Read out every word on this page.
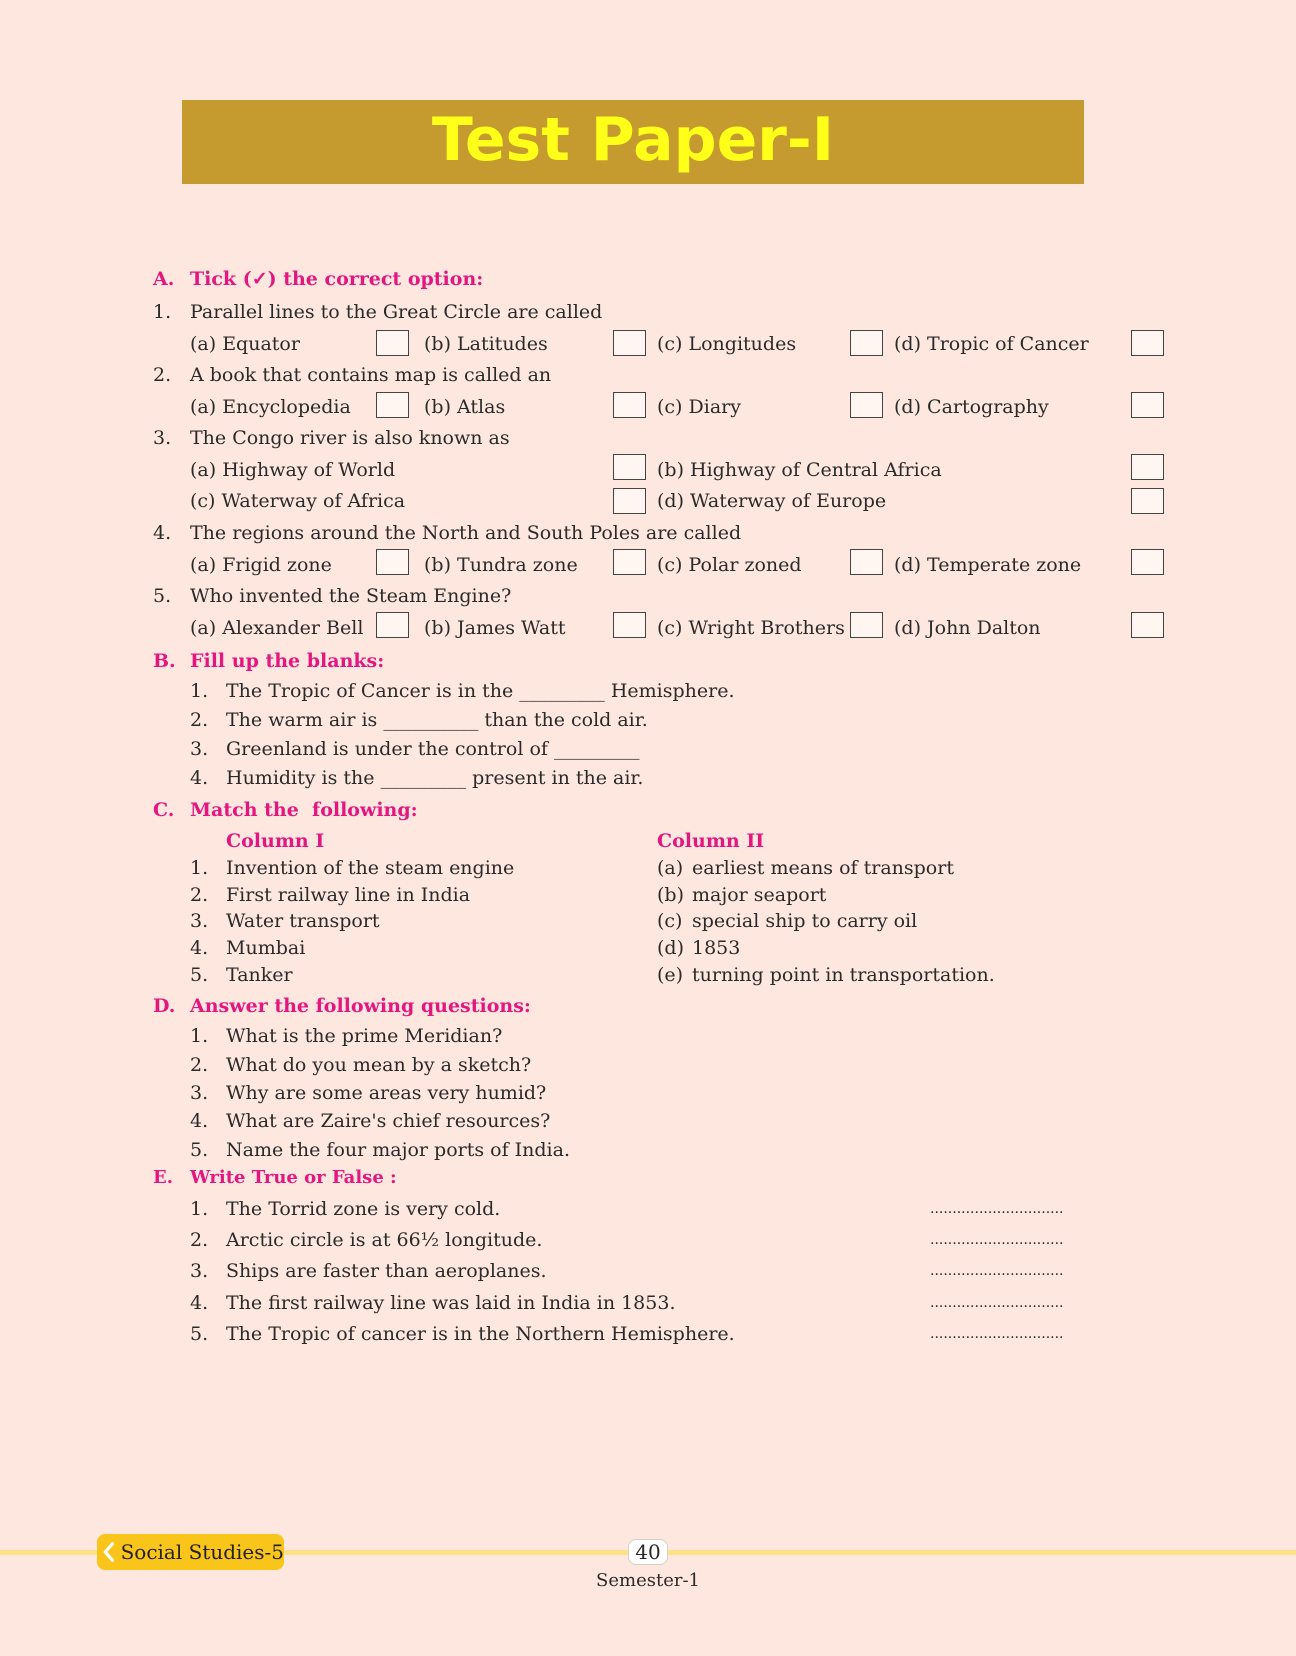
Test Paper-I
A. Tick (✓) the correct option:
1. Parallel lines to the Great Circle are called
(a) Equator	(b) Latitudes	(c) Longitudes	(d) Tropic of Cancer
2. A book that contains map is called an
(a) Encyclopedia	(b) Atlas	(c) Diary	(d) Cartography
3. The Congo river is also known as
(a) Highway of World	(b) Highway of Central Africa
(c) Waterway of Africa	(d) Waterway of Europe
4. The regions around the North and South Poles are called
(a) Frigid zone	(b) Tundra zone	(c) Polar zoned	(d) Temperate zone
5. Who invented the Steam Engine?
(a) Alexander Bell	(b) James Watt	(c) Wright Brothers	(d) John Dalton
B. Fill up the blanks:
1. The Tropic of Cancer is in the _________ Hemisphere.
2. The warm air is __________ than the cold air.
3. Greenland is under the control of _________
4. Humidity is the _________ present in the air.
C. Match the  following:
Column I	Column II
1. Invention of the steam engine	(a) earliest means of transport
2. First railway line in India	(b) major seaport
3. Water transport	(c) special ship to carry oil
4. Mumbai	(d) 1853
5. Tanker	(e) turning point in transportation.
D. Answer the following questions:
1. What is the prime Meridian?
2. What do you mean by a sketch?
3. Why are some areas very humid?
4. What are Zaire's chief resources?
5. Name the four major ports of India.
E. Write True or False :
1. The Torrid zone is very cold.	..............................
2. Arctic circle is at 66½ longitude.	..............................
3. Ships are faster than aeroplanes.	..............................
4. The first railway line was laid in India in 1853.	..............................
5. The Tropic of cancer is in the Northern Hemisphere.	..............................
Social Studies-5	40
Semester-1
